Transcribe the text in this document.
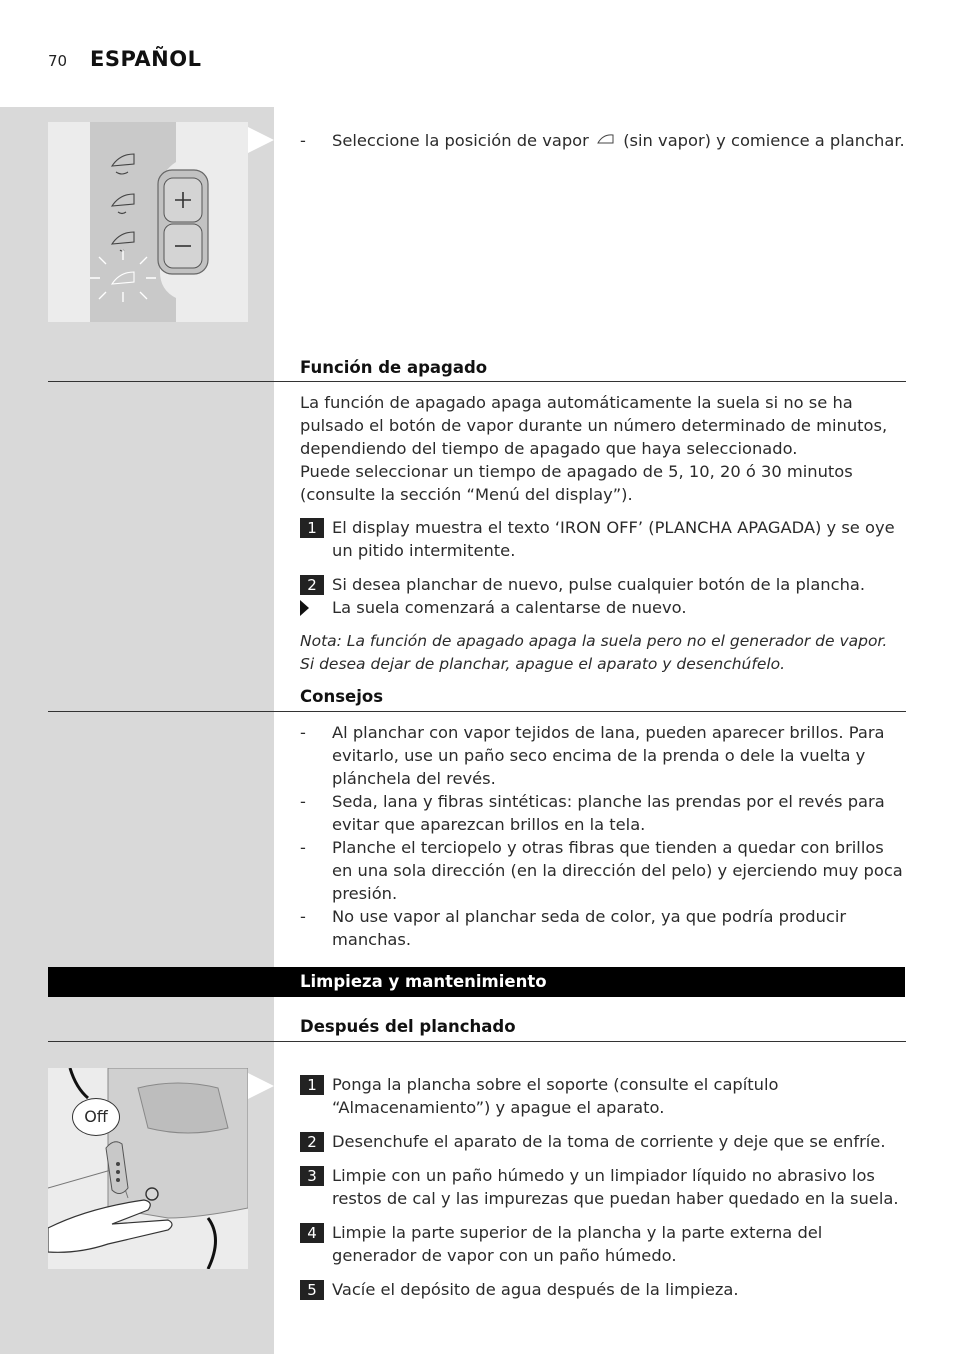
70 ESPAÑOL
-	Seleccione la posición de vapor (sin vapor) y comience a planchar.
Función de apagado
La función de apagado apaga automáticamente la suela si no se ha pulsado el botón de vapor durante un número determinado de minutos, dependiendo del tiempo de apagado que haya seleccionado.
Puede seleccionar un tiempo de apagado de 5, 10, 20 ó 30 minutos (consulte la sección “Menú del display”).
1 El display muestra el texto ‘IRON OFF’ (PLANCHA APAGADA) y se oye un pitido intermitente.
2 Si desea planchar de nuevo, pulse cualquier botón de la plancha.
La suela comenzará a calentarse de nuevo.
Nota: La función de apagado apaga la suela pero no el generador de vapor. Si desea dejar de planchar, apague el aparato y desenchúfelo.
Consejos
-	Al planchar con vapor tejidos de lana, pueden aparecer brillos. Para evitarlo, use un paño seco encima de la prenda o dele la vuelta y plánchela del revés.
-	Seda, lana y fibras sintéticas: planche las prendas por el revés para evitar que aparezcan brillos en la tela.
-	Planche el terciopelo y otras fibras que tienden a quedar con brillos en una sola dirección (en la dirección del pelo) y ejerciendo muy poca presión.
-	No use vapor al planchar seda de color, ya que podría producir manchas.
Limpieza y mantenimiento
Después del planchado
Off
1 Ponga la plancha sobre el soporte (consulte el capítulo “Almacenamiento”) y apague el aparato.
2 Desenchufe el aparato de la toma de corriente y deje que se enfríe.
3 Limpie con un paño húmedo y un limpiador líquido no abrasivo los restos de cal y las impurezas que puedan haber quedado en la suela.
4 Limpie la parte superior de la plancha y la parte externa del generador de vapor con un paño húmedo.
5 Vacíe el depósito de agua después de la limpieza.
